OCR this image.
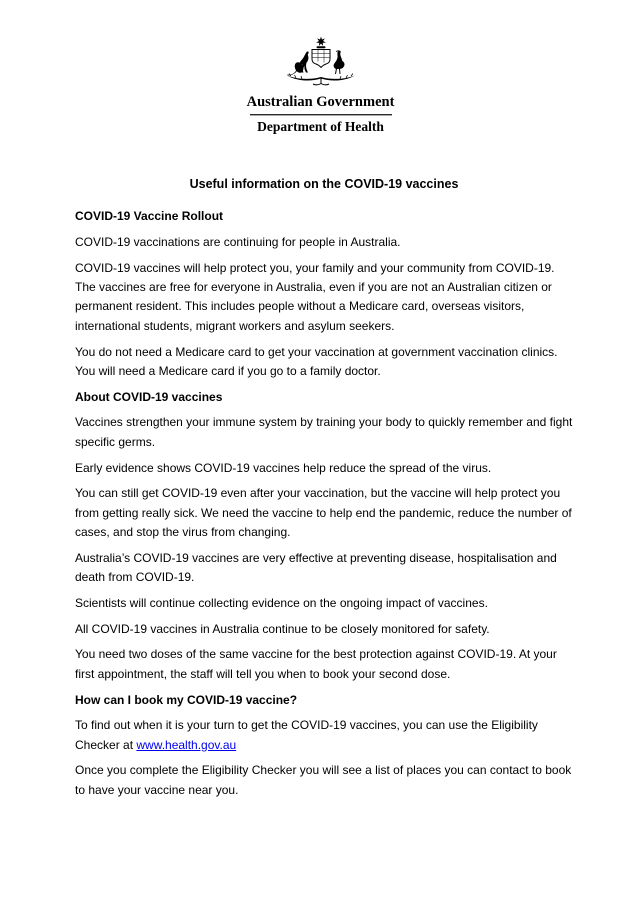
Australian Government
Department of Health
Useful information on the COVID-19 vaccines
COVID-19 Vaccine Rollout

COVID-19 vaccinations are continuing for people in Australia.

COVID-19 vaccines will help protect you, your family and your community from COVID-19. The vaccines are free for everyone in Australia, even if you are not an Australian citizen or permanent resident. This includes people without a Medicare card, overseas visitors, international students, migrant workers and asylum seekers.

You do not need a Medicare card to get your vaccination at government vaccination clinics. You will need a Medicare card if you go to a family doctor.

About COVID-19 vaccines

Vaccines strengthen your immune system by training your body to quickly remember and fight specific germs.

Early evidence shows COVID-19 vaccines help reduce the spread of the virus.

You can still get COVID-19 even after your vaccination, but the vaccine will help protect you from getting really sick. We need the vaccine to help end the pandemic, reduce the number of cases, and stop the virus from changing.

Australia’s COVID-19 vaccines are very effective at preventing disease, hospitalisation and death from COVID-19.

Scientists will continue collecting evidence on the ongoing impact of vaccines.

All COVID-19 vaccines in Australia continue to be closely monitored for safety.

You need two doses of the same vaccine for the best protection against COVID-19. At your first appointment, the staff will tell you when to book your second dose.

How can I book my COVID-19 vaccine?

To find out when it is your turn to get the COVID-19 vaccines, you can use the Eligibility Checker at www.health.gov.au

Once you complete the Eligibility Checker you will see a list of places you can contact to book to have your vaccine near you.
